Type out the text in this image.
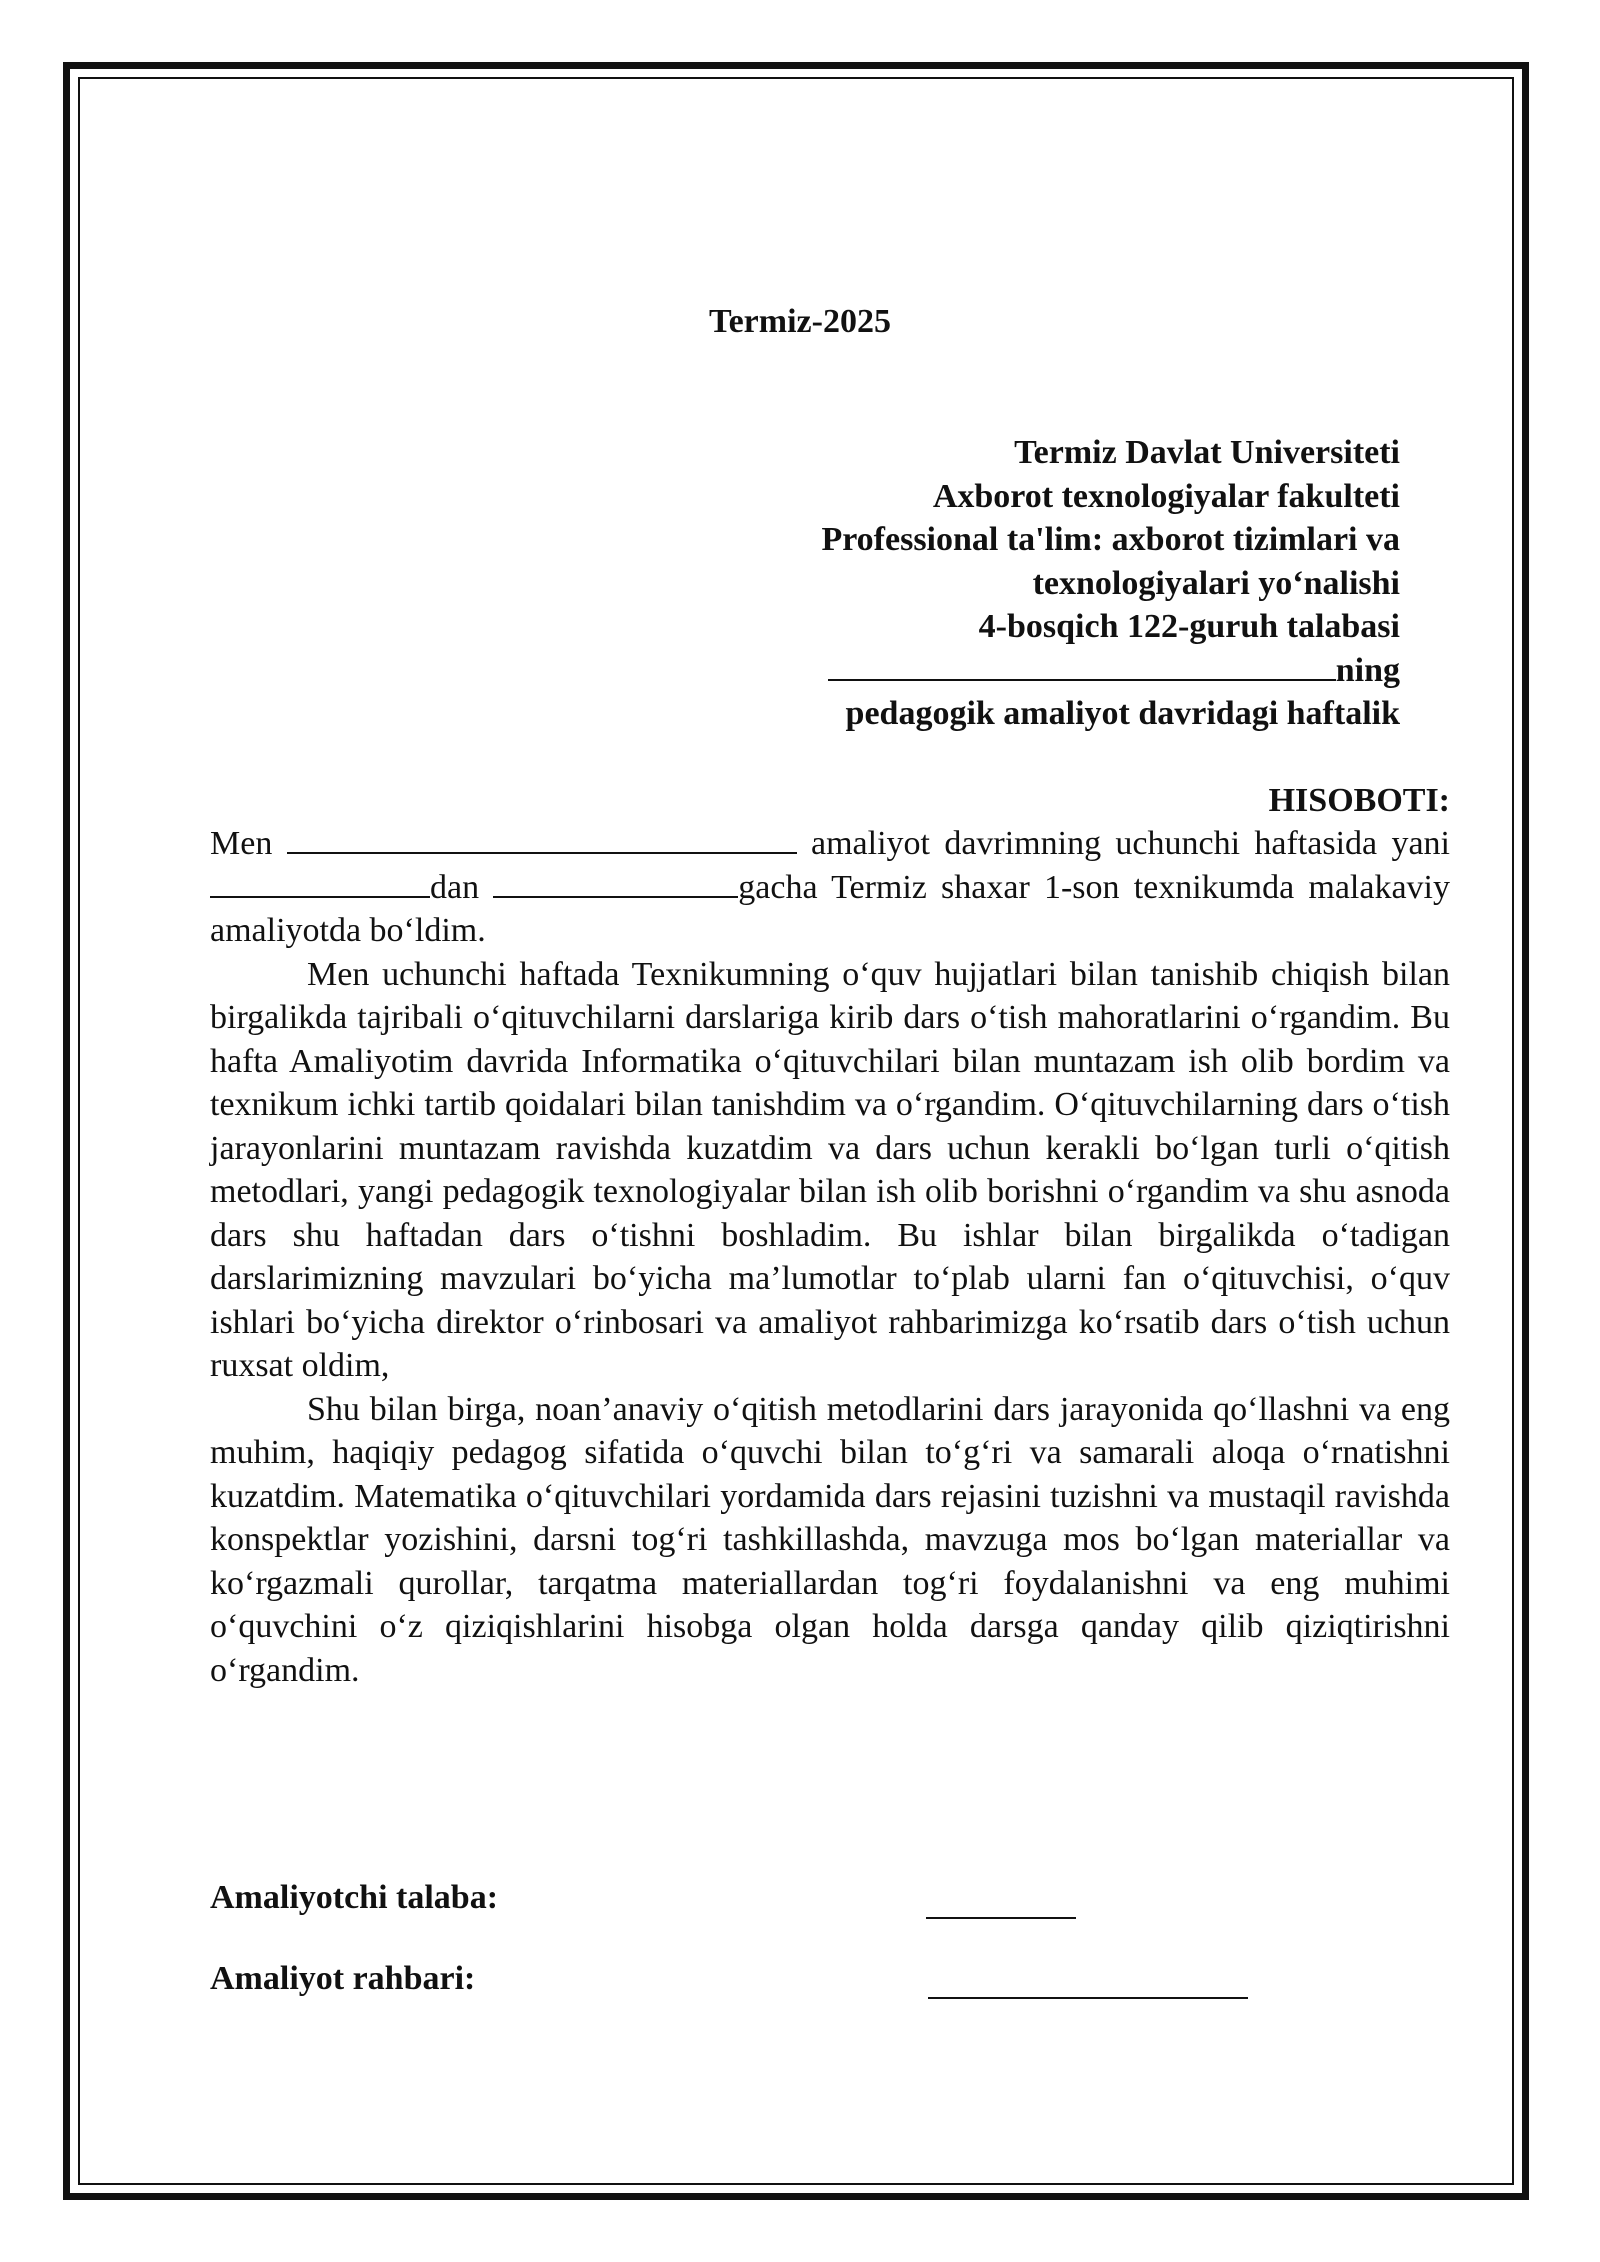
Termiz-2025
Termiz Davlat Universiteti
Axborot texnologiyalar fakulteti
Professional ta'lim: axborot tizimlari va
texnologiyalari yo‘nalishi
4-bosqich 122-guruh talabasi
ning
pedagogik amaliyot davridagi haftalik
HISOBOTI:

Men	amaliyot davrimning uchunchi haftasida yani dan	gacha Termiz shaxar 1-son texnikumda malakaviy amaliyotda bo‘ldim.

Men uchunchi haftada Texnikumning o‘quv hujjatlari bilan tanishib chiqish bilan birgalikda tajribali o‘qituvchilarni darslariga kirib dars o‘tish mahoratlarini o‘rgandim. Bu hafta Amaliyotim davrida Informatika o‘qituvchilari bilan muntazam ish olib bordim va texnikum ichki tartib qoidalari bilan tanishdim va o‘rgandim. O‘qituvchilarning dars o‘tish jarayonlarini muntazam ravishda kuzatdim va dars uchun kerakli bo‘lgan turli o‘qitish metodlari, yangi pedagogik texnologiyalar bilan ish olib borishni o‘rgandim va shu asnoda dars shu haftadan dars o‘tishni boshladim. Bu ishlar bilan birgalikda o‘tadigan darslarimizning mavzulari bo‘yicha ma’lumotlar to‘plab ularni fan o‘qituvchisi, o‘quv ishlari bo‘yicha direktor o‘rinbosari va amaliyot rahbarimizga ko‘rsatib dars o‘tish uchun ruxsat oldim,

Shu bilan birga, noan’anaviy o‘qitish metodlarini dars jarayonida qo‘llashni va eng muhim, haqiqiy pedagog sifatida o‘quvchi bilan to‘g‘ri va samarali aloqa o‘rnatishni kuzatdim. Matematika o‘qituvchilari yordamida dars rejasini tuzishni va mustaqil ravishda konspektlar yozishini, darsni tog‘ri tashkillashda, mavzuga mos bo‘lgan materiallar va ko‘rgazmali qurollar, tarqatma materiallardan tog‘ri foydalanishni va eng muhimi o‘quvchini o‘z qiziqishlarini hisobga olgan holda darsga qanday qilib qiziqtirishni o‘rgandim.

Amaliyotchi talaba:
Amaliyot rahbari:
